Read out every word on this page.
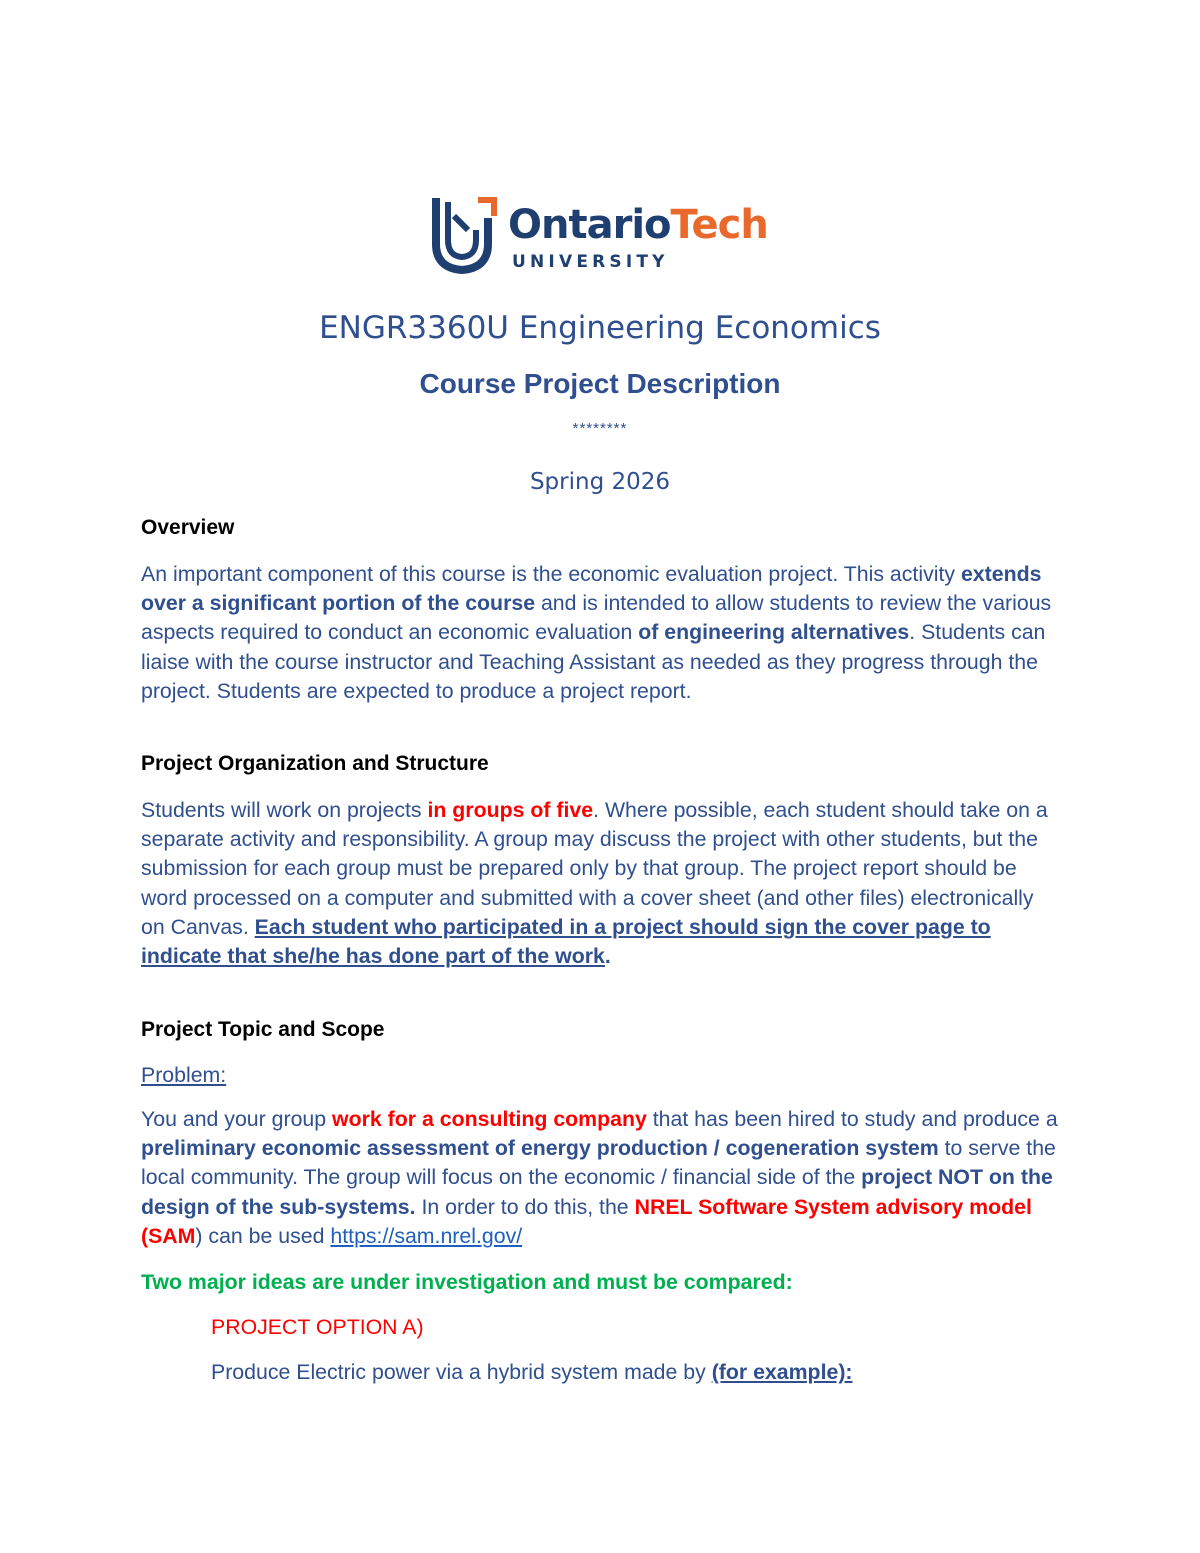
OntarioTech
UNIVERSITY
ENGR3360U Engineering Economics
Course Project Description
********
Spring 2026
Overview
An important component of this course is the economic evaluation project. This activity extends over a significant portion of the course and is intended to allow students to review the various aspects required to conduct an economic evaluation of engineering alternatives. Students can liaise with the course instructor and Teaching Assistant as needed as they progress through the project. Students are expected to produce a project report.
Project Organization and Structure
Students will work on projects in groups of five. Where possible, each student should take on a separate activity and responsibility. A group may discuss the project with other students, but the submission for each group must be prepared only by that group. The project report should be word processed on a computer and submitted with a cover sheet (and other files) electronically on Canvas. Each student who participated in a project should sign the cover page to indicate that she/he has done part of the work.
Project Topic and Scope
Problem:
You and your group work for a consulting company that has been hired to study and produce a preliminary economic assessment of energy production / cogeneration system to serve the local community. The group will focus on the economic / financial side of the project NOT on the design of the sub-systems. In order to do this, the NREL Software System advisory model (SAM) can be used https://sam.nrel.gov/
Two major ideas are under investigation and must be compared:
PROJECT OPTION A)
Produce Electric power via a hybrid system made by (for example):
